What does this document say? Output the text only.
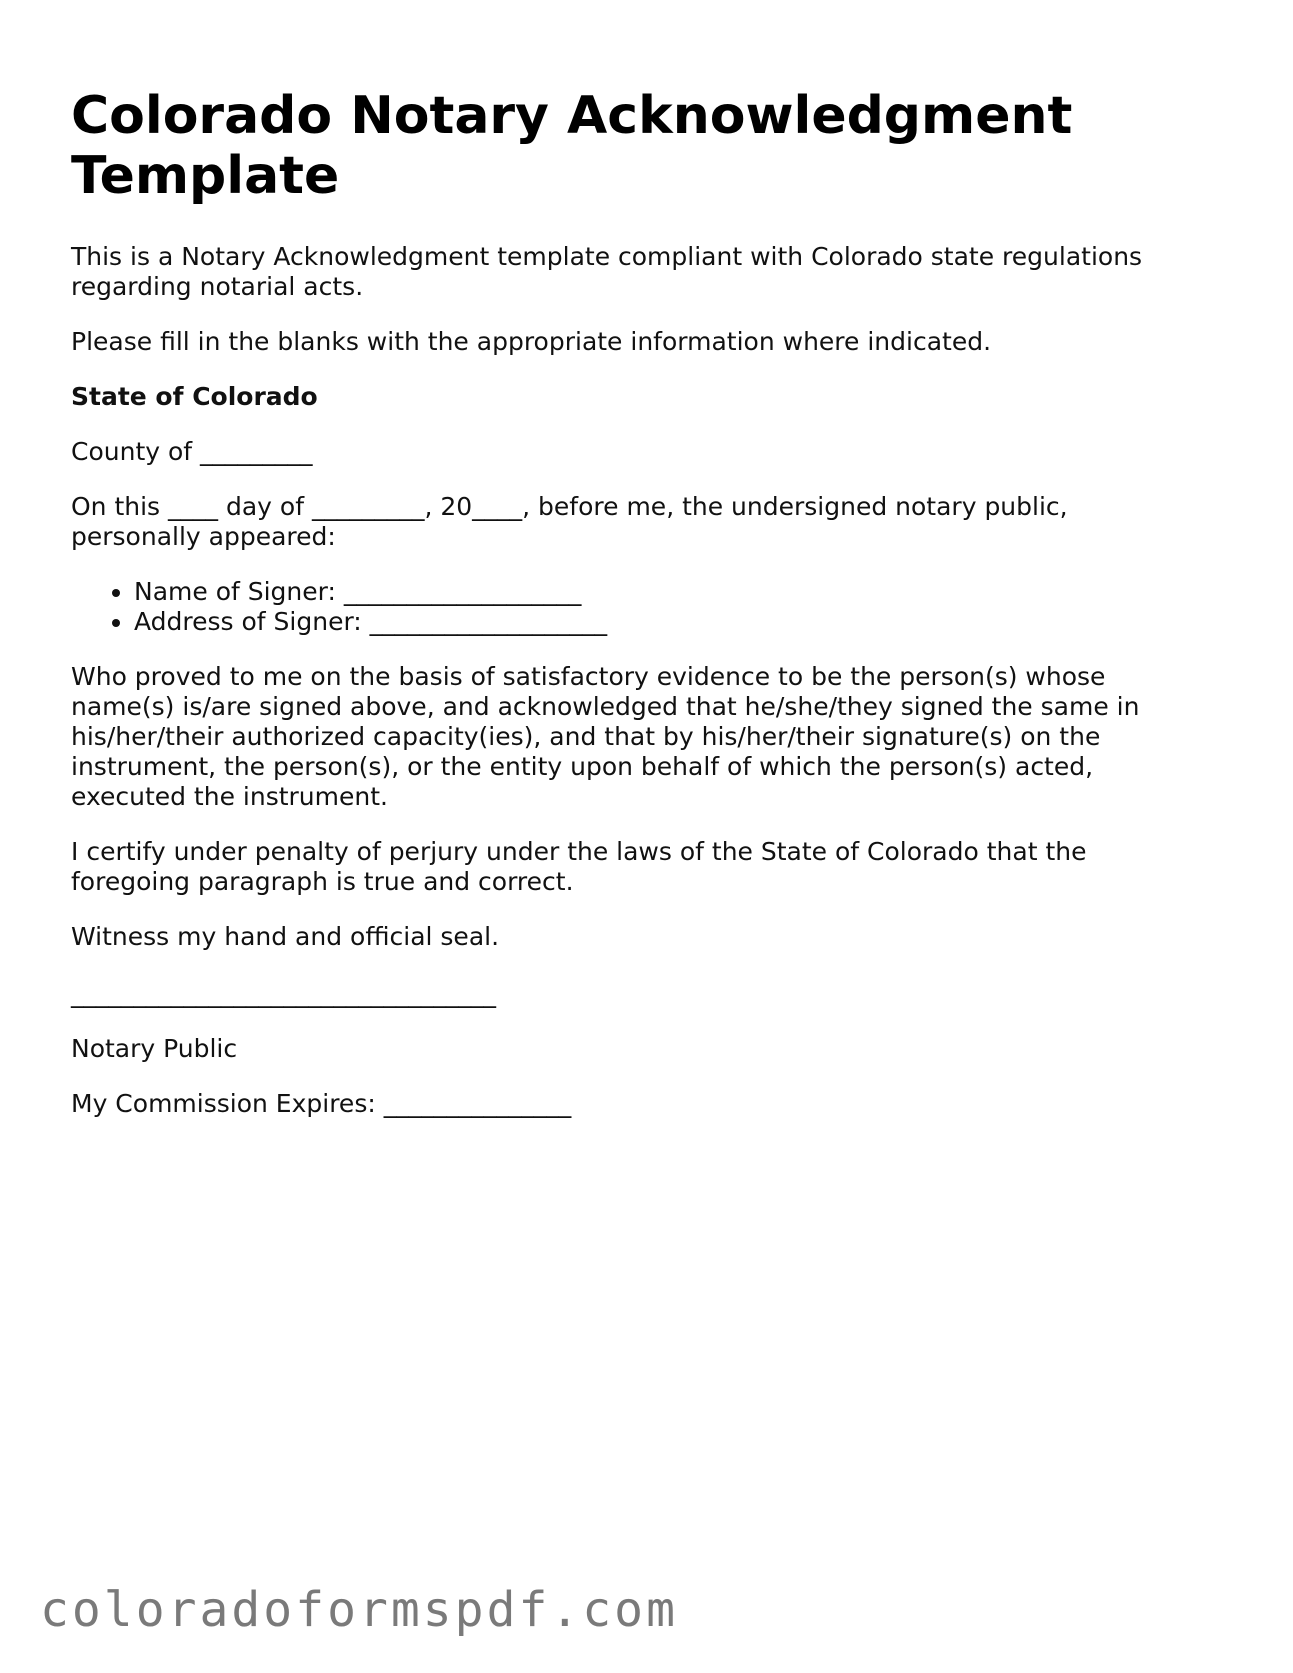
Colorado Notary Acknowledgment Template

This is a Notary Acknowledgment template compliant with Colorado state regulations regarding notarial acts.

Please fill in the blanks with the appropriate information where indicated.

State of Colorado

County of _________

On this ____ day of _________, 20____, before me, the undersigned notary public, personally appeared:

• Name of Signer: ___________________
• Address of Signer: ___________________

Who proved to me on the basis of satisfactory evidence to be the person(s) whose name(s) is/are signed above, and acknowledged that he/she/they signed the same in his/her/their authorized capacity(ies), and that by his/her/their signature(s) on the instrument, the person(s), or the entity upon behalf of which the person(s) acted, executed the instrument.

I certify under penalty of perjury under the laws of the State of Colorado that the foregoing paragraph is true and correct.

Witness my hand and official seal.

__________________________________

Notary Public

My Commission Expires: _______________

coloradoformspdf.com
